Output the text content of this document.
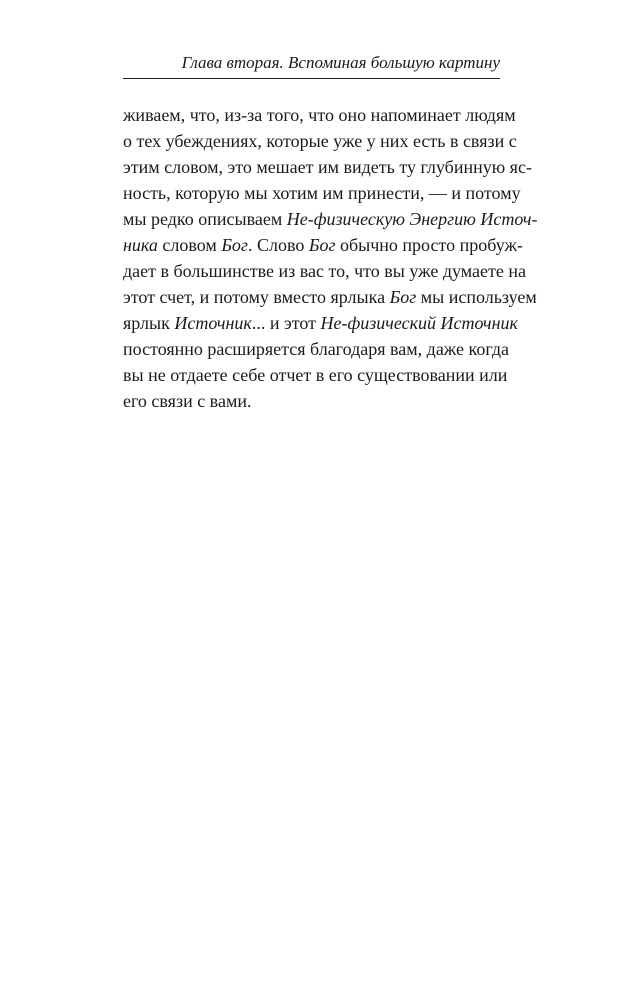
Глава вторая. Вспоминая большую картину
живаем, что, из-за того, что оно напоминает людям
о тех убеждениях, которые уже у них есть в связи с
этим словом, это мешает им видеть ту глубинную яс-
ность, которую мы хотим им принести, — и потому
мы редко описываем Не-физическую Энергию Источ-
ника словом Бог. Слово Бог обычно просто пробуж-
дает в большинстве из вас то, что вы уже думаете на
этот счет, и потому вместо ярлыка Бог мы используем
ярлык Источник... и этот Не-физический Источник
постоянно расширяется благодаря вам, даже когда
вы не отдаете себе отчет в его существовании или
его связи с вами.
